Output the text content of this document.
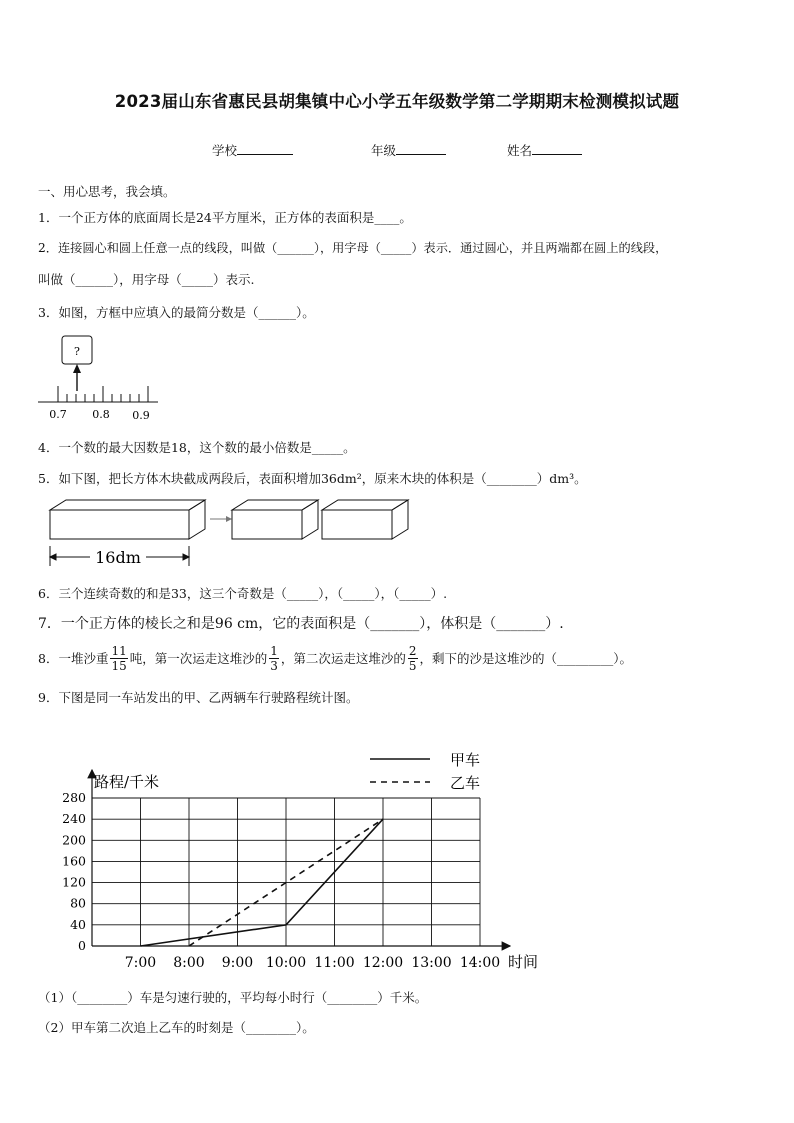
2023届山东省惠民县胡集镇中心小学五年级数学第二学期期末检测模拟试题
学校	年级	姓名
一、用心思考，我会填。
1．一个正方体的底面周长是24平方厘米，正方体的表面积是____。
2．连接圆心和圆上任意一点的线段，叫做（______），用字母（_____）表示．通过圆心，并且两端都在圆上的线段，
叫做（______），用字母（_____）表示.
3．如图，方框中应填入的最简分数是（______）。
?
0.7 0.8 0.9
4．一个数的最大因数是18，这个数的最小倍数是_____。
5．如下图，把长方体木块截成两段后，表面积增加36dm²，原来木块的体积是（________）dm³。
16dm
6．三个连续奇数的和是33，这三个奇数是（_____），（_____），（_____）.
7．一个正方体的棱长之和是96 cm，它的表面积是（_______），体积是（_______）.
8．一堆沙重 $\frac{11}{15}$ 吨，第一次运走这堆沙的 $\frac{1}{3}$ ，第二次运走这堆沙的 $\frac{2}{5}$ ，剩下的沙是这堆沙的（_________）。
9．下图是同一车站发出的甲、乙两辆车行驶路程统计图。
0
40
80
120
160
200
240
280
7:00 8:00 9:00 10:00 11:00 12:00 13:00 14:00
路程/千米
时间
甲车
乙车
（1）（________）车是匀速行驶的，平均每小时行（________）千米。
（2）甲车第二次追上乙车的时刻是（________）。
